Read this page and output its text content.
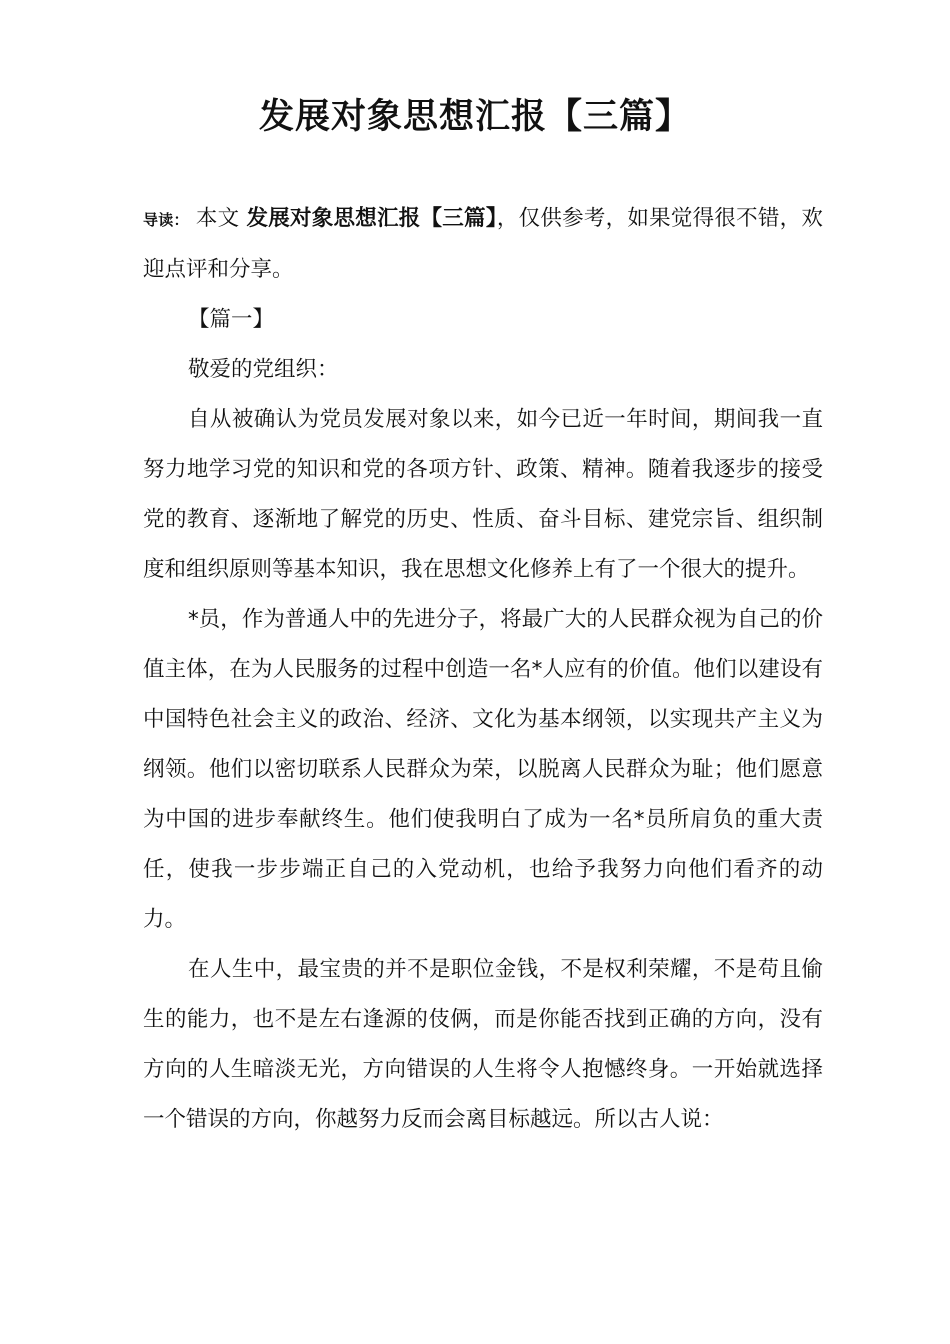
发展对象思想汇报【三篇】

导读： 本文 发展对象思想汇报【三篇】，仅供参考，如果觉得很不错，欢迎点评和分享。

【篇一】

敬爱的党组织：

自从被确认为党员发展对象以来，如今已近一年时间，期间我一直努力地学习党的知识和党的各项方针、政策、精神。随着我逐步的接受党的教育、逐渐地了解党的历史、性质、奋斗目标、建党宗旨、组织制度和组织原则等基本知识，我在思想文化修养上有了一个很大的提升。

*员，作为普通人中的先进分子，将最广大的人民群众视为自己的价值主体，在为人民服务的过程中创造一名*人应有的价值。他们以建设有中国特色社会主义的政治、经济、文化为基本纲领，以实现共产主义为纲领。他们以密切联系人民群众为荣，以脱离人民群众为耻；他们愿意为中国的进步奉献终生。他们使我明白了成为一名*员所肩负的重大责任，使我一步步端正自己的入党动机，也给予我努力向他们看齐的动力。

在人生中，最宝贵的并不是职位金钱，不是权利荣耀，不是苟且偷生的能力，也不是左右逢源的伎俩，而是你能否找到正确的方向，没有方向的人生暗淡无光，方向错误的人生将令人抱憾终身。一开始就选择一个错误的方向，你越努力反而会离目标越远。所以古人说：
